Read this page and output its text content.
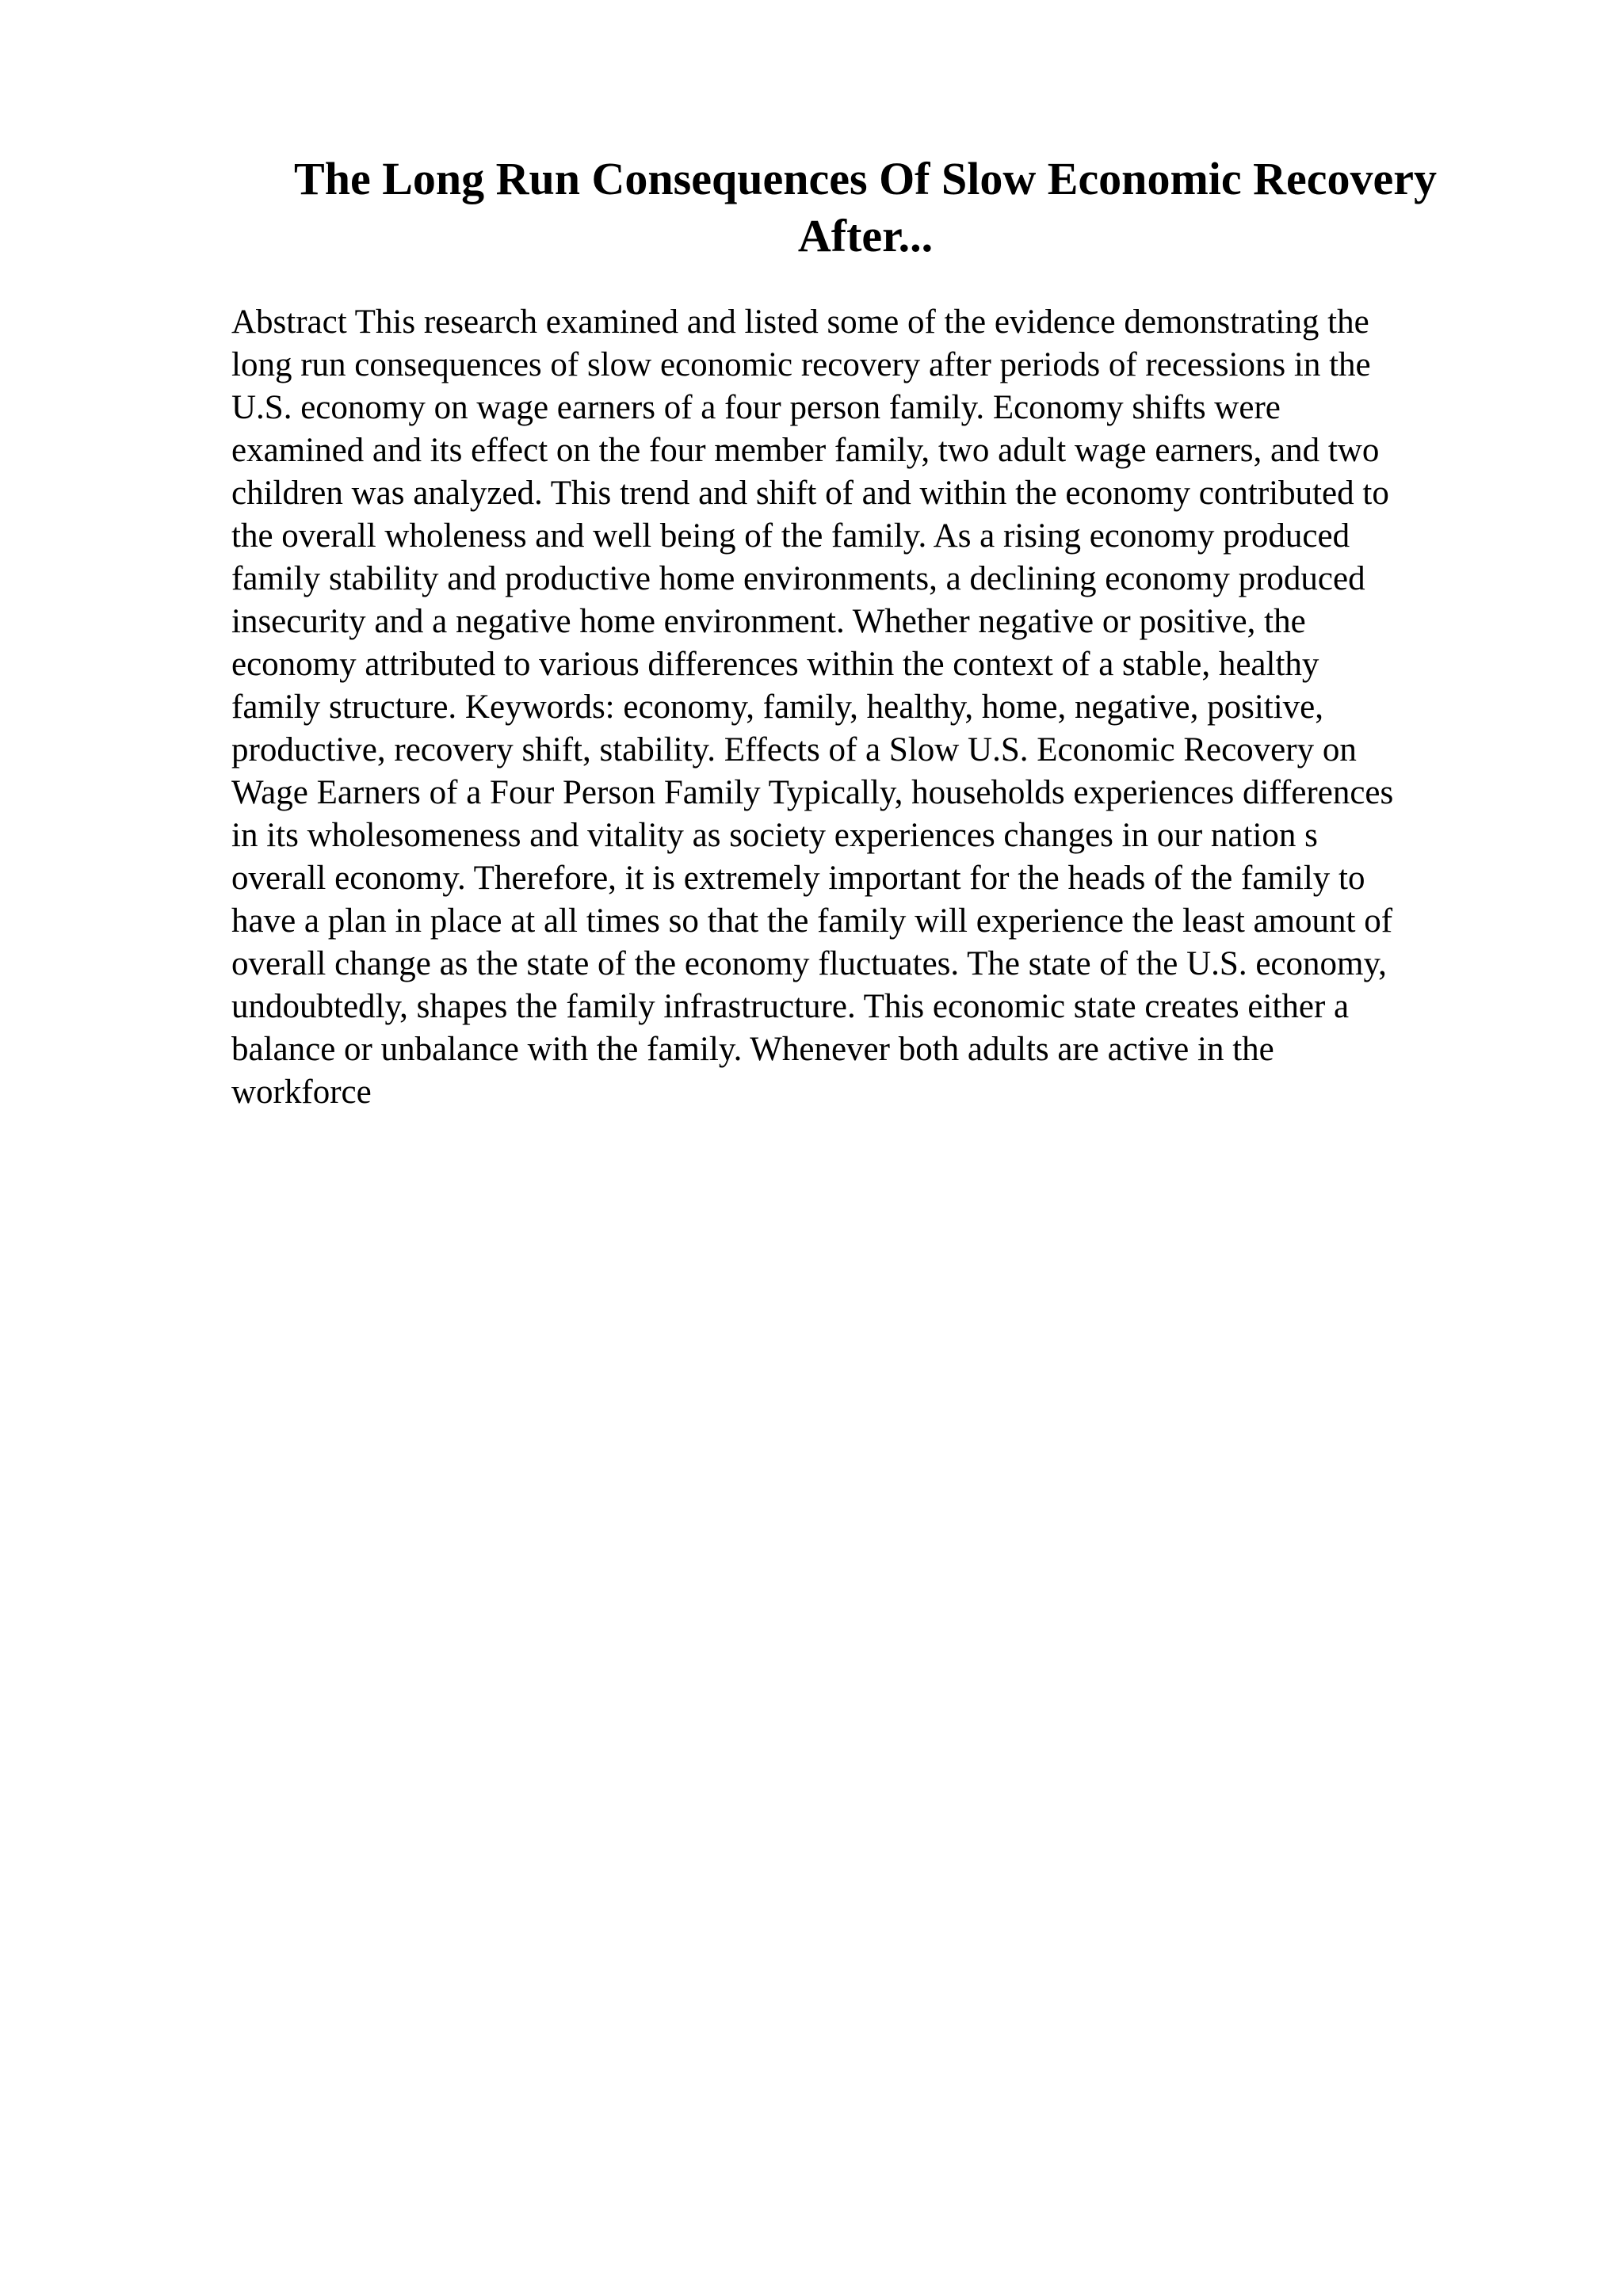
The Long Run Consequences Of Slow Economic Recovery
After...
Abstract This research examined and listed some of the evidence demonstrating the
long run consequences of slow economic recovery after periods of recessions in the
U.S. economy on wage earners of a four person family. Economy shifts were
examined and its effect on the four member family, two adult wage earners, and two
children was analyzed. This trend and shift of and within the economy contributed to
the overall wholeness and well being of the family. As a rising economy produced
family stability and productive home environments, a declining economy produced
insecurity and a negative home environment. Whether negative or positive, the
economy attributed to various differences within the context of a stable, healthy
family structure. Keywords: economy, family, healthy, home, negative, positive,
productive, recovery shift, stability. Effects of a Slow U.S. Economic Recovery on
Wage Earners of a Four Person Family Typically, households experiences differences
in its wholesomeness and vitality as society experiences changes in our nation s
overall economy. Therefore, it is extremely important for the heads of the family to
have a plan in place at all times so that the family will experience the least amount of
overall change as the state of the economy fluctuates. The state of the U.S. economy,
undoubtedly, shapes the family infrastructure. This economic state creates either a
balance or unbalance with the family. Whenever both adults are active in the
workforce
